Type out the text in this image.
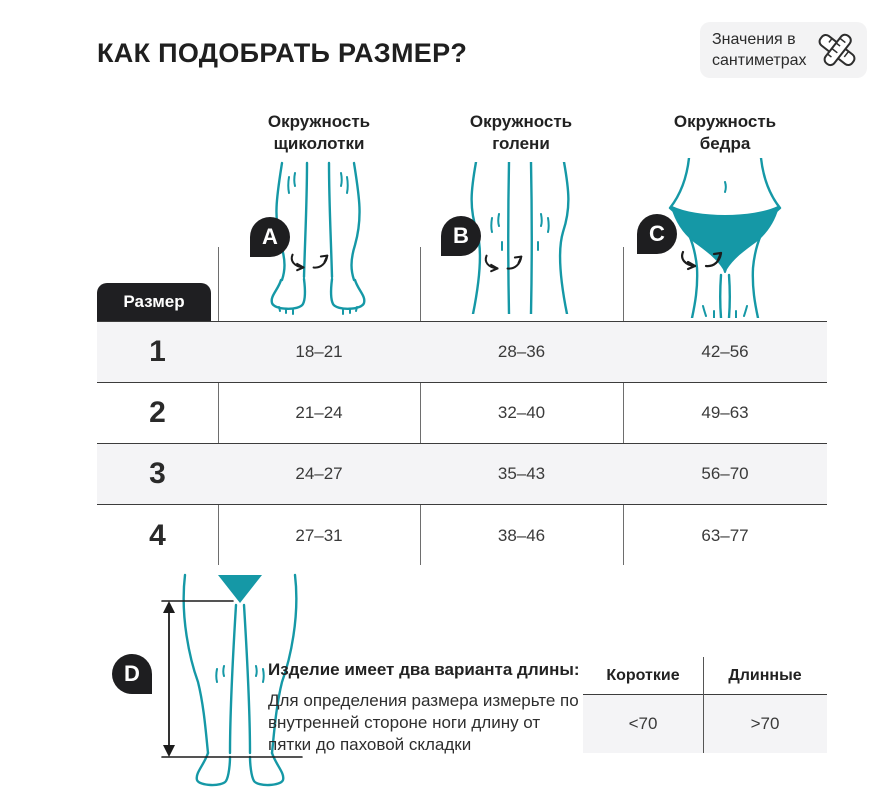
КАК ПОДОБРАТЬ РАЗМЕР?	Значения в сантиметрах
Окружность щиколотки
Окружность голени
Окружность бедра
A	B	C
Размер
1	18–21	28–36	42–56
2	21–24	32–40	49–63
3	24–27	35–43	56–70
4	27–31	38–46	63–77
D	Изделие имеет два варианта длины:
Для определения размера измерьте по внутренней стороне ноги длину от пятки до паховой складки
Короткие	Длинные
<70	>70
